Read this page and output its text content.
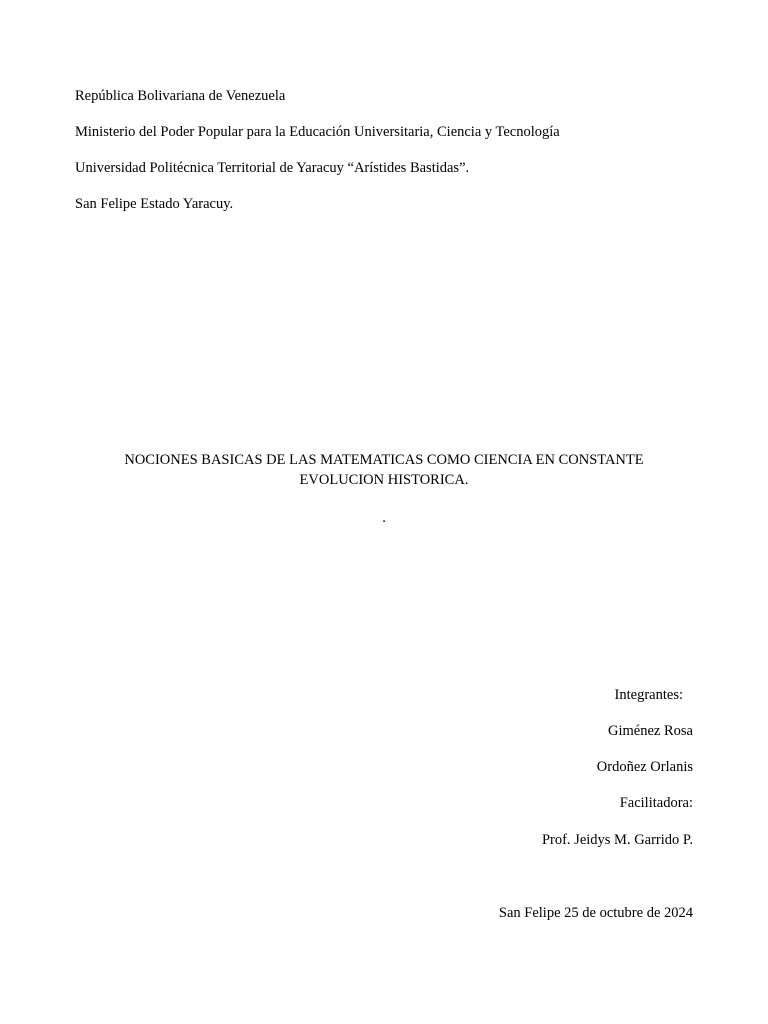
República Bolivariana de Venezuela
Ministerio del Poder Popular para la Educación Universitaria, Ciencia y Tecnología
Universidad Politécnica Territorial de Yaracuy “Arístides Bastidas”.
San Felipe Estado Yaracuy.
NOCIONES BASICAS DE LAS MATEMATICAS COMO CIENCIA EN CONSTANTE
EVOLUCION HISTORICA.
.
Integrantes:
Giménez Rosa
Ordoñez Orlanis
Facilitadora:
Prof. Jeidys M. Garrido P.
San Felipe 25 de octubre de 2024
